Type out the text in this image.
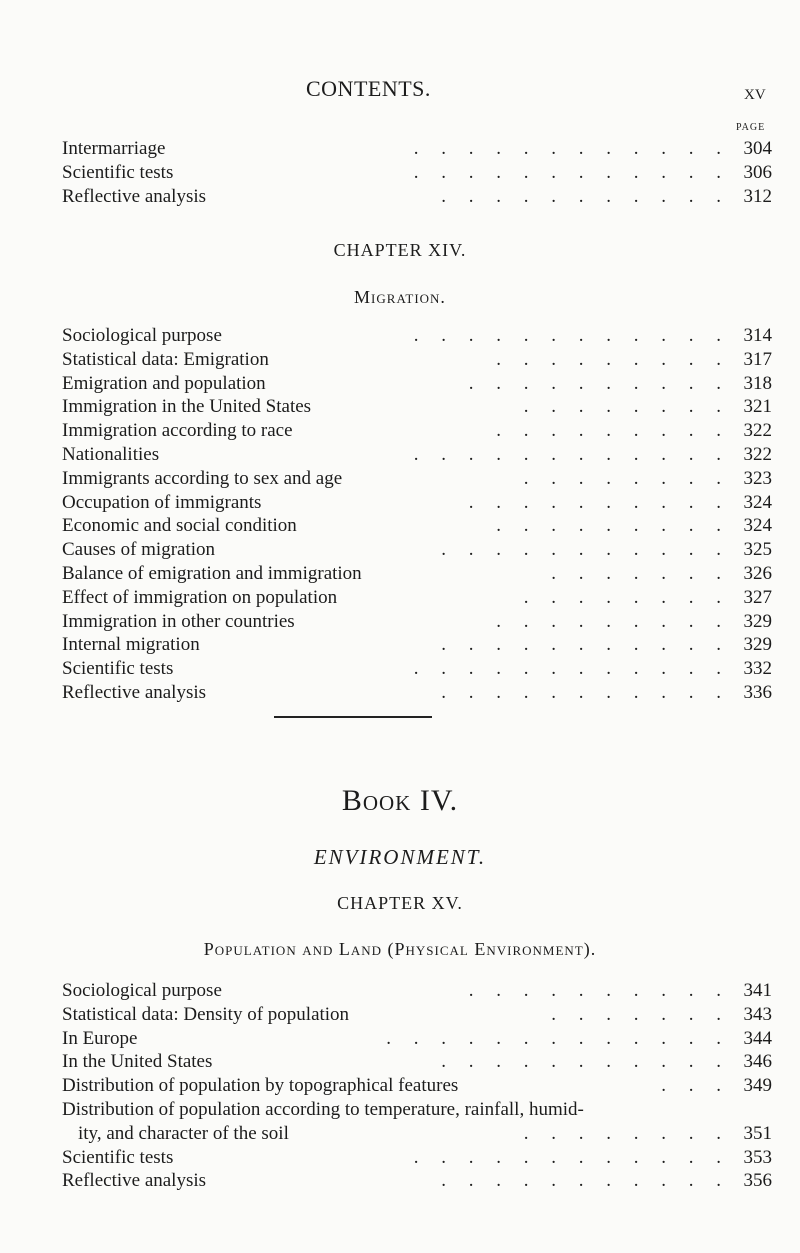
CONTENTS.	xv
PAGE
Intermarriage	. . . . . . . . . . . . 304
Scientific tests	. . . . . . . . . . . . 306
Reflective analysis	. . . . . . . . . . . 312
CHAPTER XIV.
Migration.
Sociological purpose	. . . . . . . . . . . . 314
Statistical data: Emigration	. . . . . . . . . 317
Emigration and population	. . . . . . . . . . 318
Immigration in the United States	. . . . . . . . 321
Immigration according to race	. . . . . . . . . 322
Nationalities	. . . . . . . . . . . . 322
Immigrants according to sex and age	. . . . . . . . 323
Occupation of immigrants	. . . . . . . . . . 324
Economic and social condition	. . . . . . . . . 324
Causes of migration	. . . . . . . . . . . 325
Balance of emigration and immigration	. . . . . . . 326
Effect of immigration on population	. . . . . . . . 327
Immigration in other countries	. . . . . . . . . 329
Internal migration	. . . . . . . . . . . 329
Scientific tests	. . . . . . . . . . . . 332
Reflective analysis	. . . . . . . . . . . 336
Book IV.
ENVIRONMENT.
CHAPTER XV.
Population and Land (Physical Environment).
Sociological purpose	. . . . . . . . . . 341
Statistical data: Density of population	. . . . . . . 343
In Europe	. . . . . . . . . . . . . 344
In the United States	. . . . . . . . . . . 346
Distribution of population by topographical features	. . . 349
Distribution of population according to temperature, rainfall, humid-
ity, and character of the soil	. . . . . . . . 351
Scientific tests	. . . . . . . . . . . . 353
Reflective analysis	. . . . . . . . . . . 356
